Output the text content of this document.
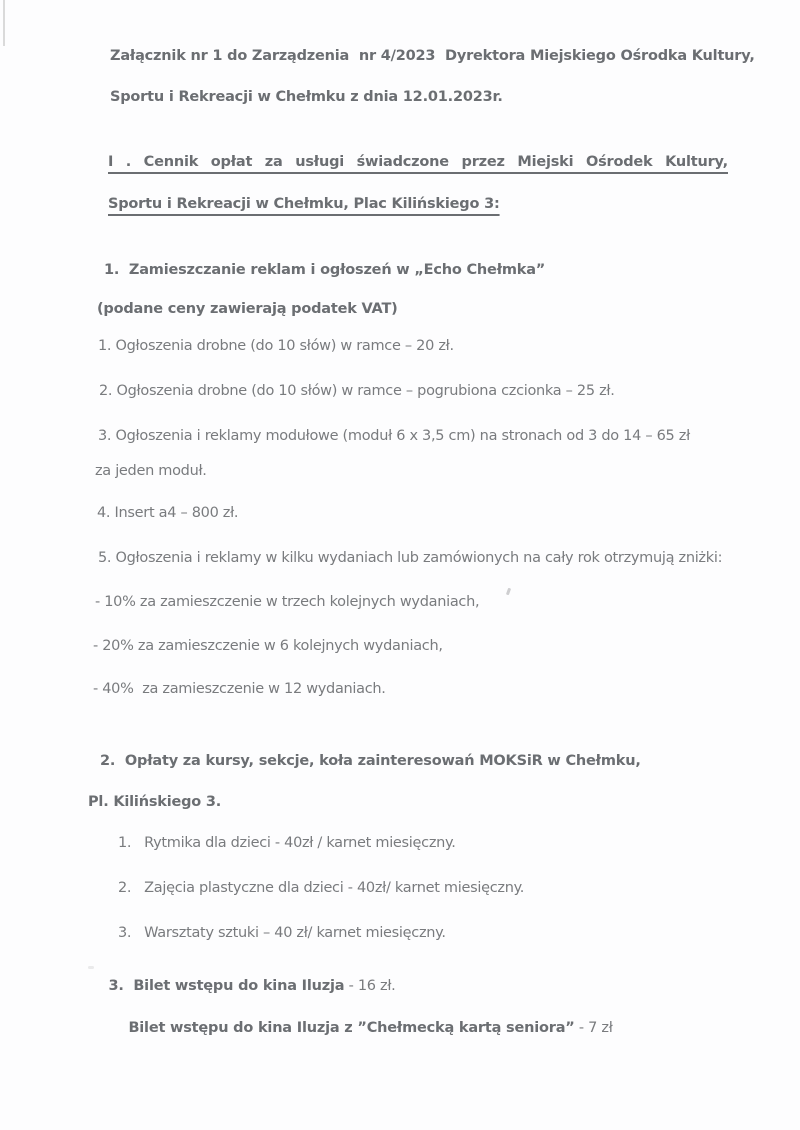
Załącznik nr 1 do Zarządzenia  nr 4/2023  Dyrektora Miejskiego Ośrodka Kultury,
Sportu i Rekreacji w Chełmku z dnia 12.01.2023r.
I . Cennik opłat za usługi świadczone przez Miejski Ośrodek Kultury,
Sportu i Rekreacji w Chełmku, Plac Kilińskiego 3:
1.  Zamieszczanie reklam i ogłoszeń w „Echo Chełmka”
(podane ceny zawierają podatek VAT)
1. Ogłoszenia drobne (do 10 słów) w ramce – 20 zł.
2. Ogłoszenia drobne (do 10 słów) w ramce – pogrubiona czcionka – 25 zł.
3. Ogłoszenia i reklamy modułowe (moduł 6 x 3,5 cm) na stronach od 3 do 14 – 65 zł
za jeden moduł.
4. Insert a4 – 800 zł.
5. Ogłoszenia i reklamy w kilku wydaniach lub zamówionych na cały rok otrzymują zniżki:
- 10% za zamieszczenie w trzech kolejnych wydaniach,
- 20% za zamieszczenie w 6 kolejnych wydaniach,
- 40%  za zamieszczenie w 12 wydaniach.
2.  Opłaty za kursy, sekcje, koła zainteresowań MOKSiR w Chełmku,
Pl. Kilińskiego 3.
1.   Rytmika dla dzieci - 40zł / karnet miesięczny.
2.   Zajęcia plastyczne dla dzieci - 40zł/ karnet miesięczny.
3.   Warsztaty sztuki – 40 zł/ karnet miesięczny.

3.  Bilet wstępu do kina Iluzja - 16 zł.

Bilet wstępu do kina Iluzja z ”Chełmecką kartą seniora” - 7 zł
